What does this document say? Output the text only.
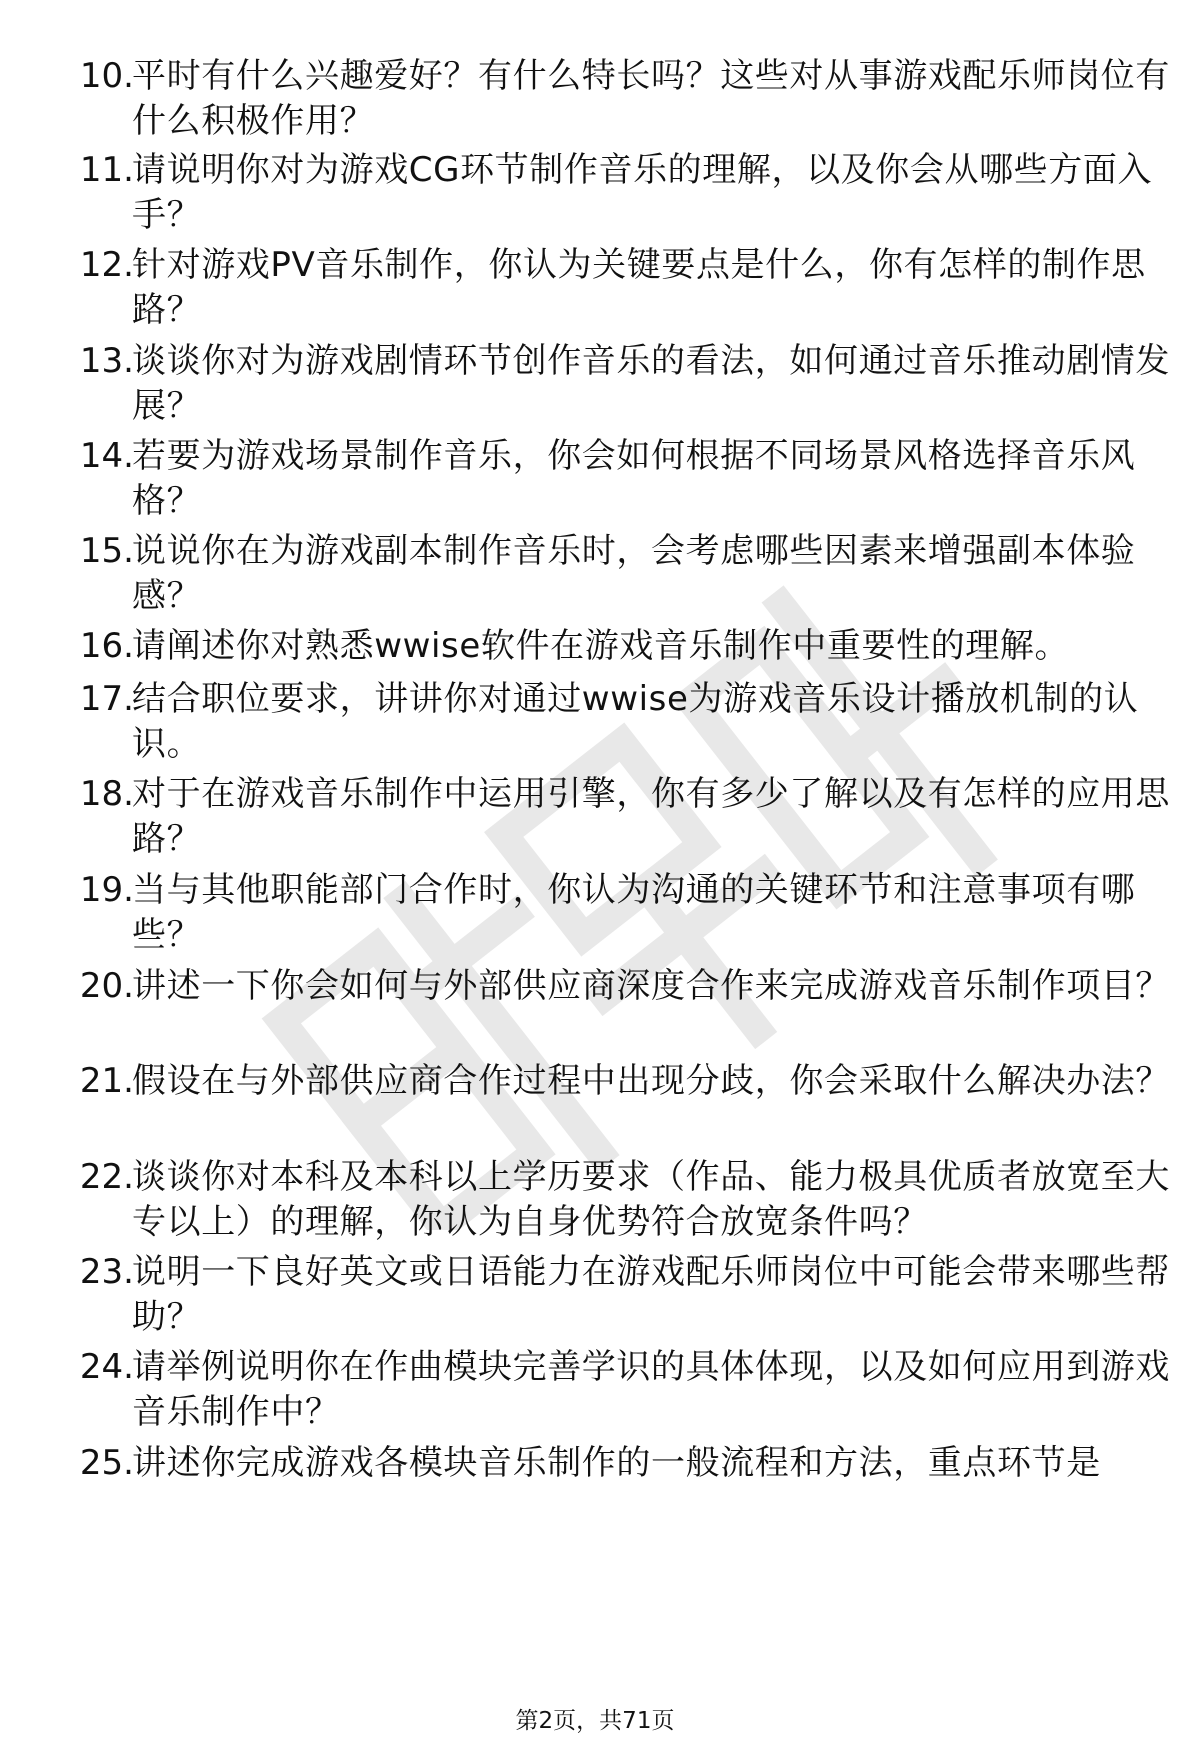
10.
平时有什么兴趣爱好？有什么特长吗？这些对从事游戏配乐师岗位有什么积极作用？
11.
请说明你对为游戏CG环节制作音乐的理解，以及你会从哪些方面入手？
12.
针对游戏PV音乐制作，你认为关键要点是什么，你有怎样的制作思路？
13.
谈谈你对为游戏剧情环节创作音乐的看法，如何通过音乐推动剧情发展？
14.
若要为游戏场景制作音乐，你会如何根据不同场景风格选择音乐风格？
15.
说说你在为游戏副本制作音乐时，会考虑哪些因素来增强副本体验感？
16.
请阐述你对熟悉wwise软件在游戏音乐制作中重要性的理解。
17.
结合职位要求，讲讲你对通过wwise为游戏音乐设计播放机制的认识。
18.
对于在游戏音乐制作中运用引擎，你有多少了解以及有怎样的应用思路？
19.
当与其他职能部门合作时，你认为沟通的关键环节和注意事项有哪些？
20.
讲述一下你会如何与外部供应商深度合作来完成游戏音乐制作项目？
21.
假设在与外部供应商合作过程中出现分歧，你会采取什么解决办法？
22.
谈谈你对本科及本科以上学历要求（作品、能力极具优质者放宽至大专以上）的理解，你认为自身优势符合放宽条件吗？
23.
说明一下良好英文或日语能力在游戏配乐师岗位中可能会带来哪些帮助？
24.
请举例说明你在作曲模块完善学识的具体体现，以及如何应用到游戏音乐制作中？
25.
讲述你完成游戏各模块音乐制作的一般流程和方法，重点环节是
第2页，共71页
